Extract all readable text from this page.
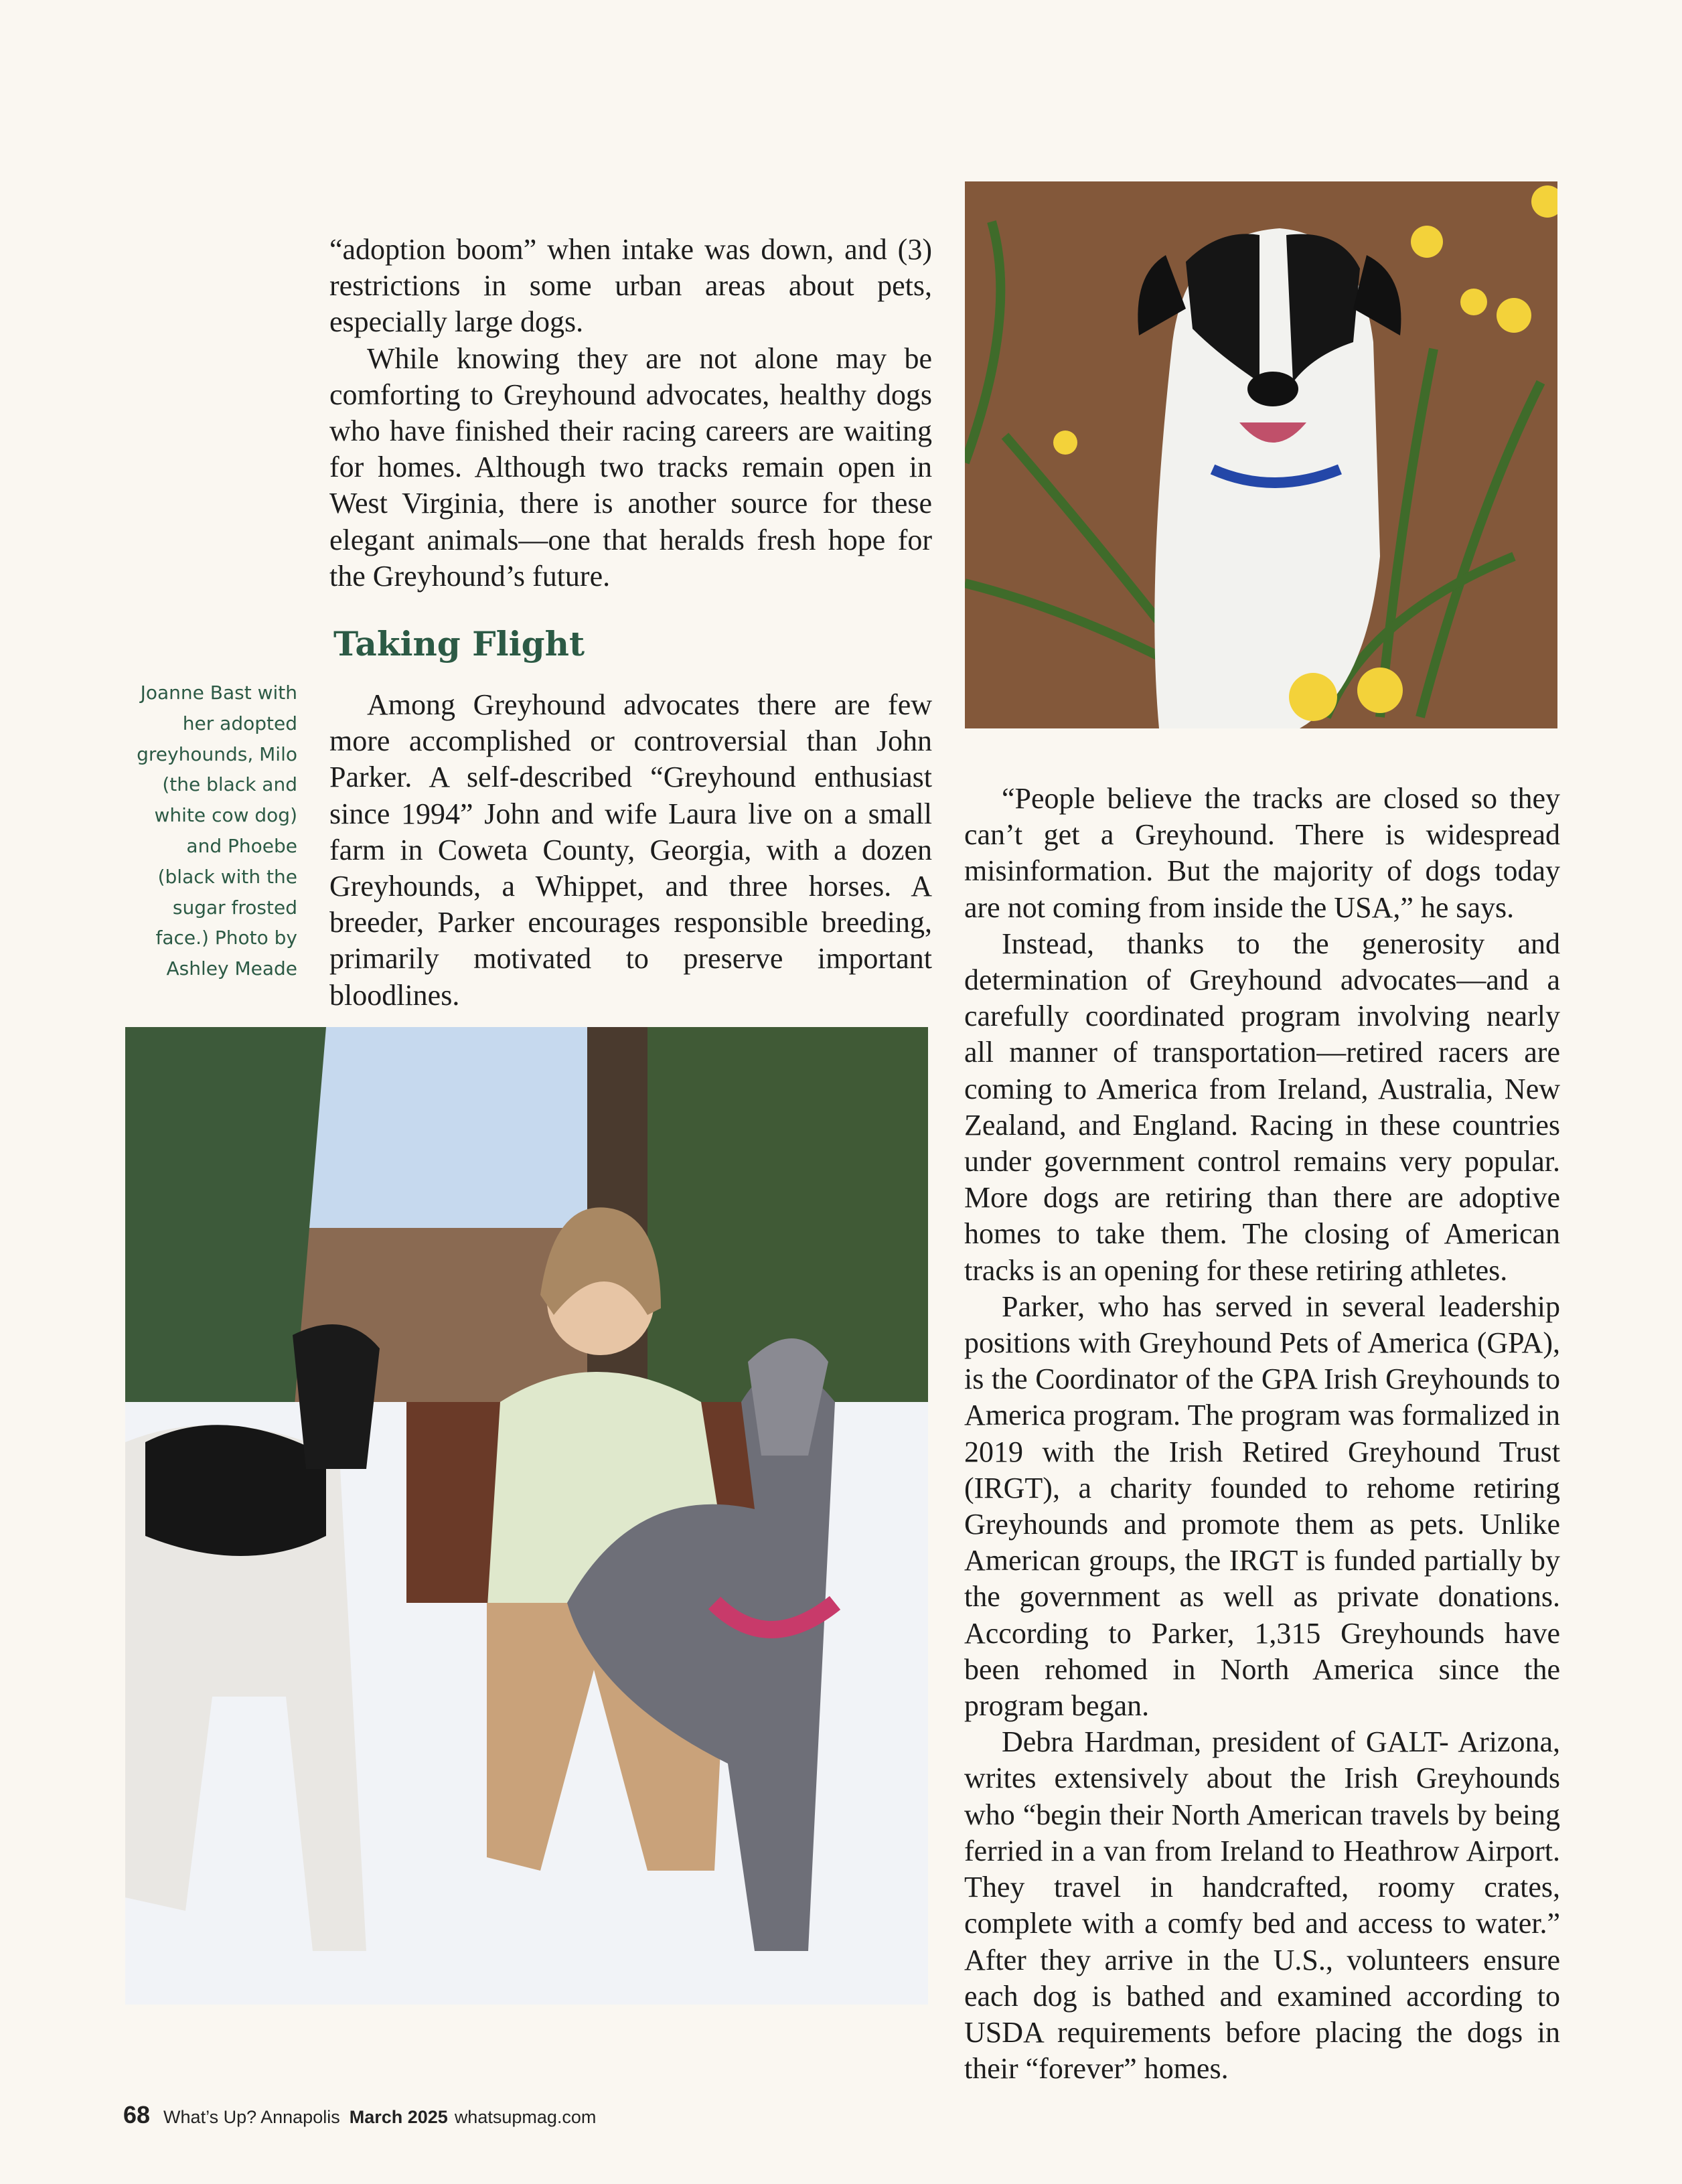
“adoption boom” when intake was down, and (3) restrictions in some urban areas about pets, especially large dogs.

While knowing they are not alone may be comforting to Greyhound advocates, healthy dogs who have finished their racing careers are waiting for homes. Although two tracks remain open in West Virginia, there is another source for these elegant animals—one that heralds fresh hope for the Greyhound’s future.

Taking Flight

Among Greyhound advocates there are few more accomplished or controversial than John Parker. A self-described “Greyhound enthusiast since 1994” John and wife Laura live on a small farm in Coweta County, Georgia, with a dozen Greyhounds, a Whippet, and three horses. A breeder, Parker encourages responsible breeding, primarily motivated to preserve important bloodlines.

Joanne Bast with her adopted greyhounds, Milo (the black and white cow dog) and Phoebe (black with the sugar frosted face.) Photo by Ashley Meade

“People believe the tracks are closed so they can’t get a Greyhound. There is widespread misinformation. But the majority of dogs today are not coming from inside the USA,” he says.

Instead, thanks to the generosity and determination of Greyhound advocates—and a carefully coordinated program involving nearly all manner of transportation—retired racers are coming to America from Ireland, Australia, New Zealand, and England. Racing in these countries under government control remains very popular. More dogs are retiring than there are adoptive homes to take them. The closing of American tracks is an opening for these retiring athletes.

Parker, who has served in several leadership positions with Greyhound Pets of America (GPA), is the Coordinator of the GPA Irish Greyhounds to America program. The program was formalized in 2019 with the Irish Retired Greyhound Trust (IRGT), a charity founded to rehome retiring Greyhounds and promote them as pets. Unlike American groups, the IRGT is funded partially by the government as well as private donations. According to Parker, 1,315 Greyhounds have been rehomed in North America since the program began.

Debra Hardman, president of GALT- Arizona, writes extensively about the Irish Greyhounds who “begin their North American travels by being ferried in a van from Ireland to Heathrow Airport. They travel in handcrafted, roomy crates, complete with a comfy bed and access to water.” After they arrive in the U.S., volunteers ensure each dog is bathed and examined according to USDA requirements before placing the dogs in their “forever” homes.

68 What’s Up? Annapolis March 2025 whatsupmag.com
